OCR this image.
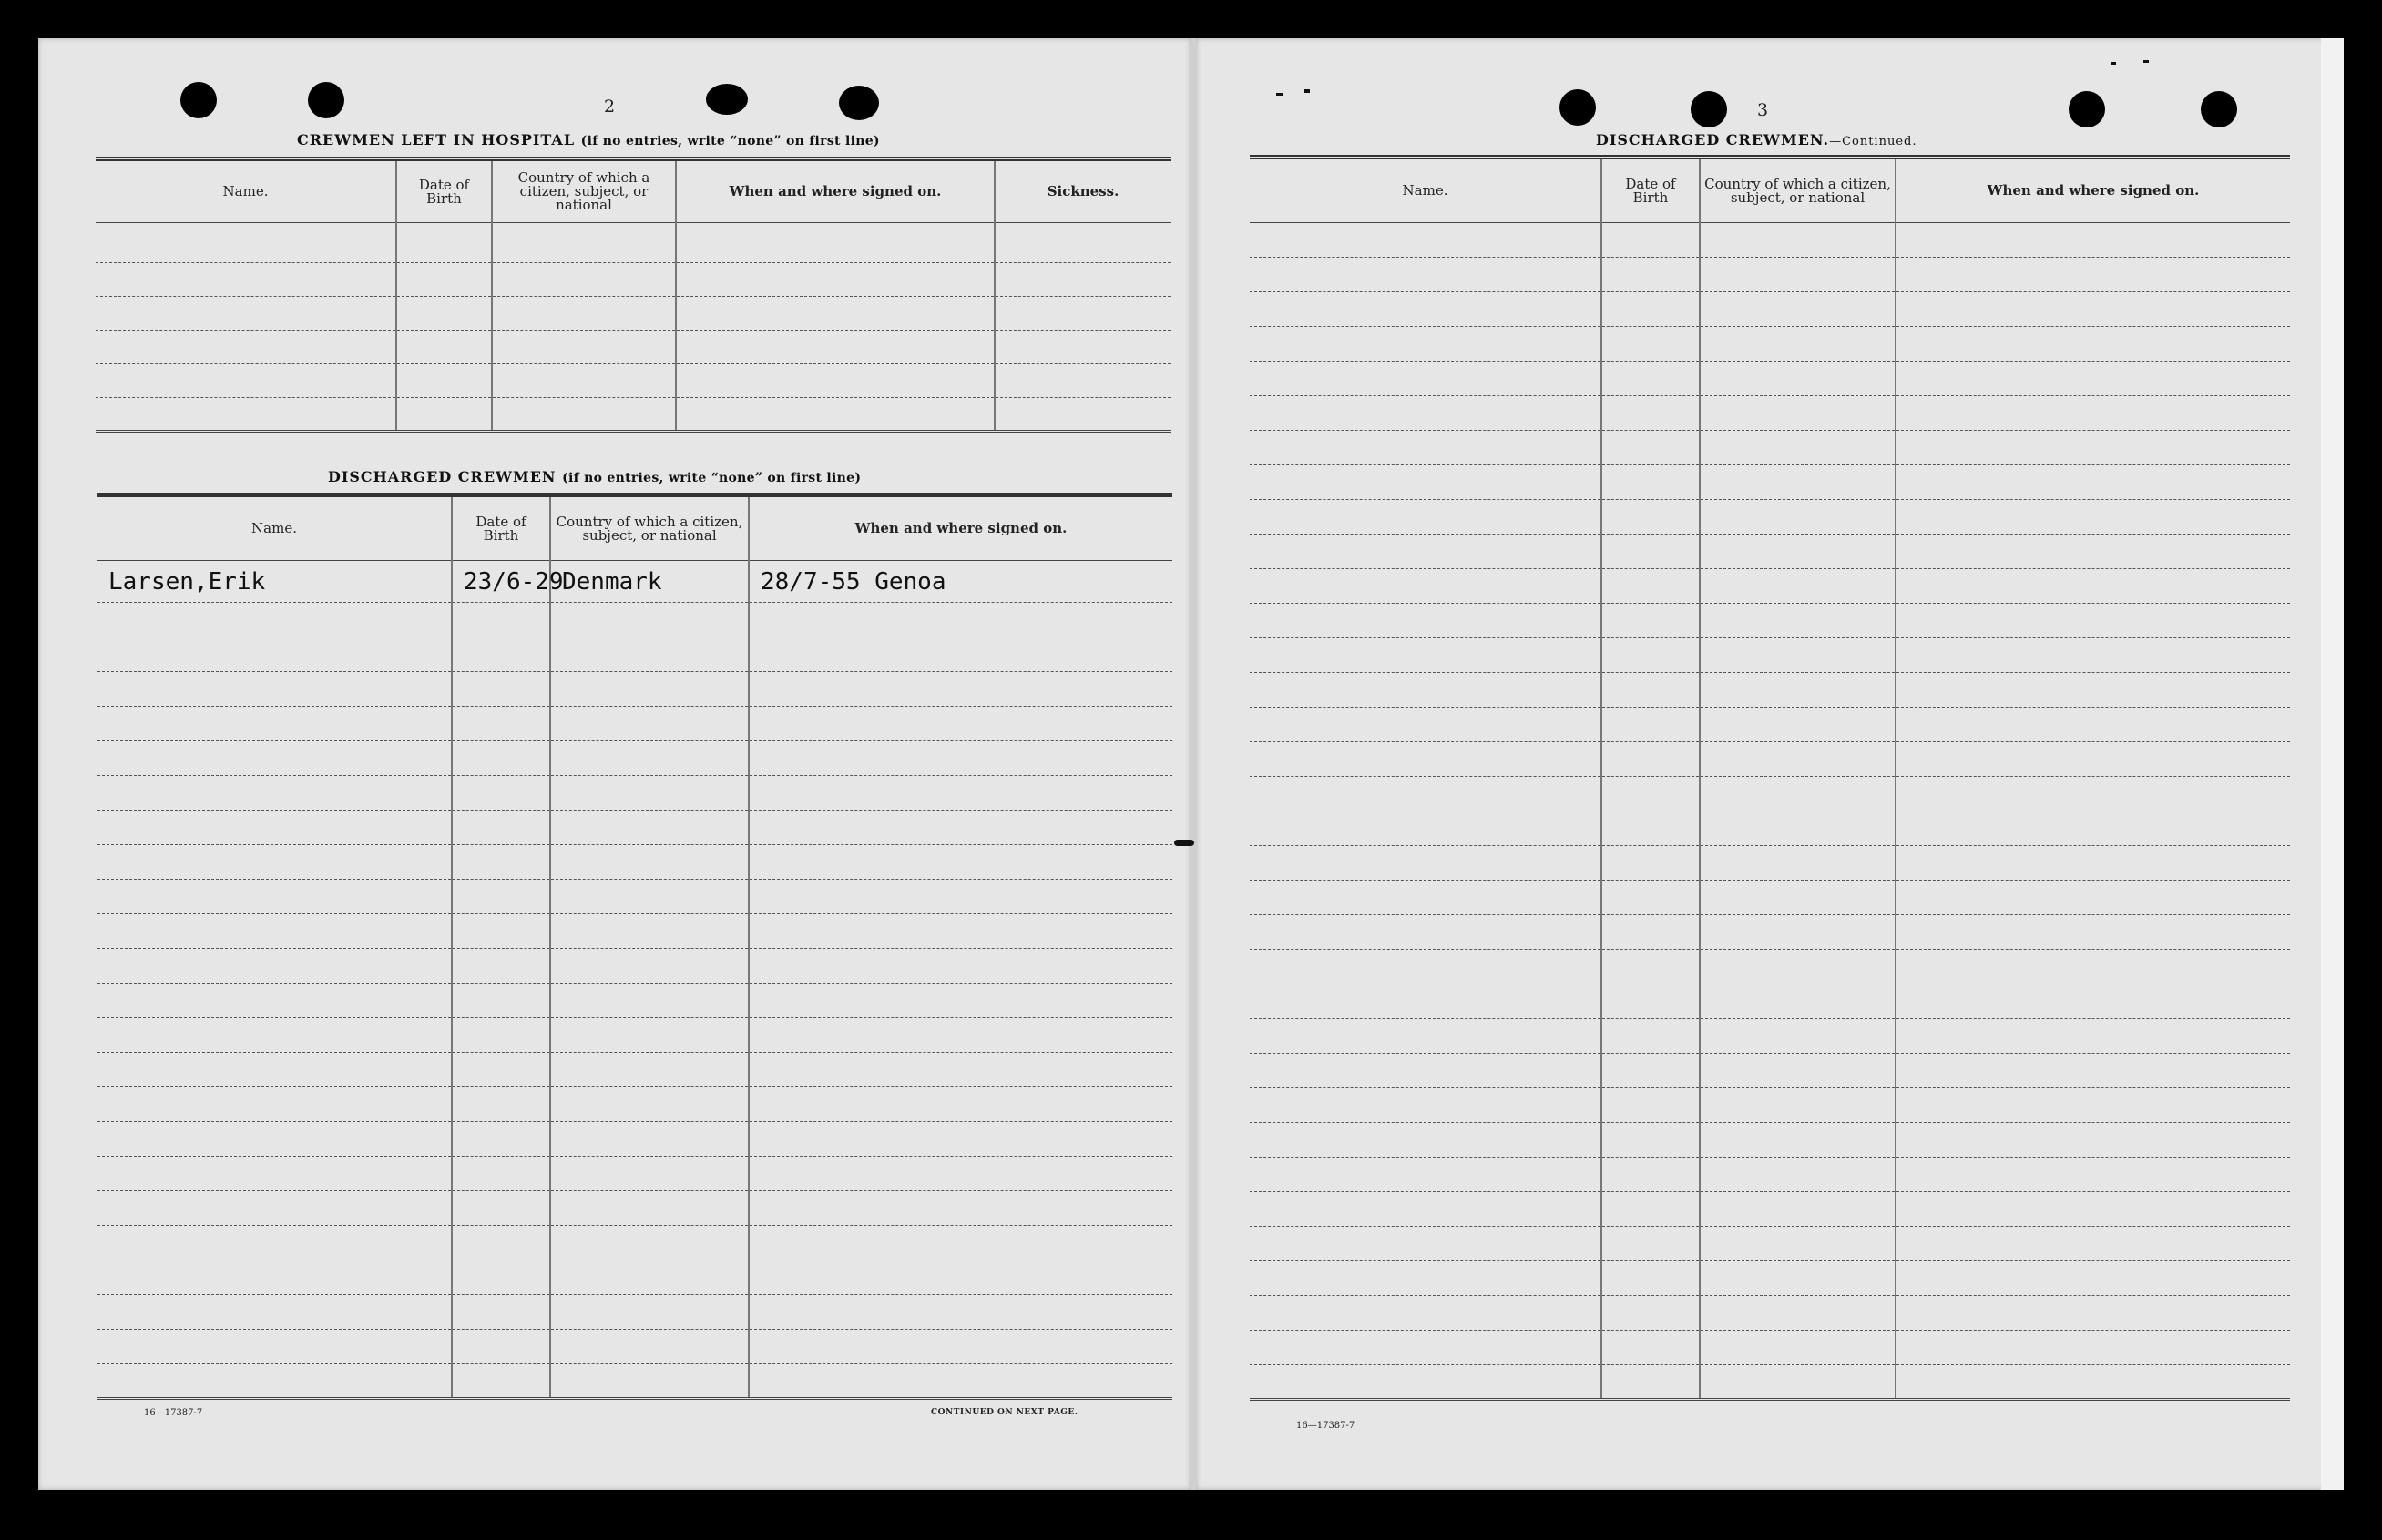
2
CREWMEN LEFT IN HOSPITAL (if no entries, write “none” on first line)
Name.	Date of Birth	Country of which a citizen, subject, or national	When and where signed on.	Sickness.

DISCHARGED CREWMEN (if no entries, write “none” on first line)
Name.	Date of Birth	Country of which a citizen, subject, or national	When and where signed on.
Larsen,Erik	23/6-29	Denmark	28/7-55 Genoa

16—17387-7	CONTINUED ON NEXT PAGE.
3
DISCHARGED CREWMEN.—Continued.
Name.	Date of Birth	Country of which a citizen, subject, or national	When and where signed on.

16—17387-7
